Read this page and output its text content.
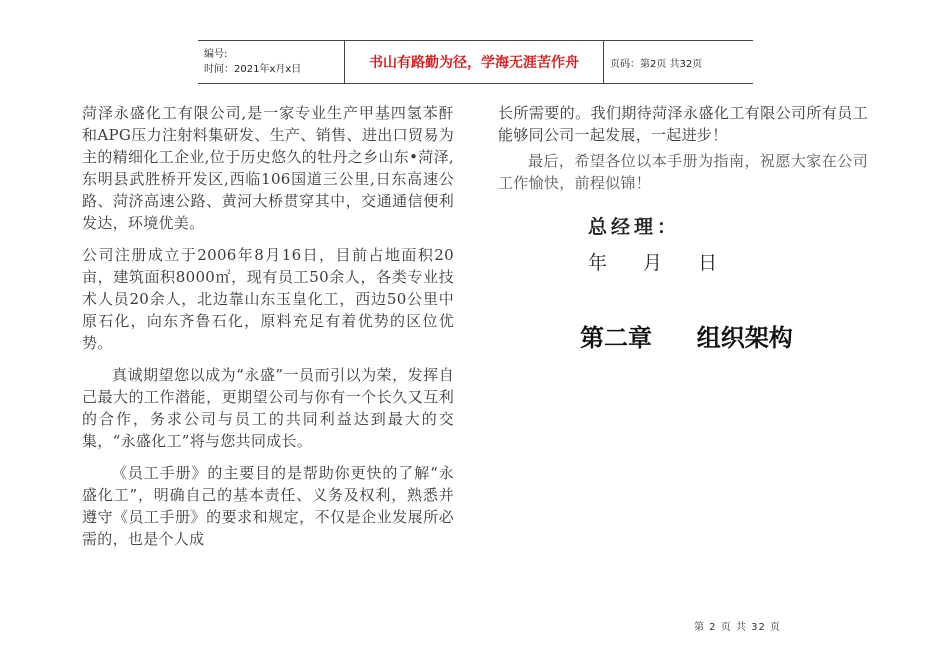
编号:
时间：2021年x月x日	书山有路勤为径，学海无涯苦作舟	页码：第2页 共32页

菏泽永盛化工有限公司,是一家专业生产甲基四氢苯酐和APG压力注射料集研发、生产、销售、进出口贸易为主的精细化工企业,位于历史悠久的牡丹之乡山东•菏泽,东明县武胜桥开发区,西临106国道三公里,日东高速公路、菏济高速公路、黄河大桥贯穿其中，交通通信便利发达，环境优美。

公司注册成立于2006年8月16日，目前占地面积20亩，建筑面积8000㎡，现有员工50余人，各类专业技术人员20余人，北边靠山东玉皇化工，西边50公里中原石化，向东齐鲁石化，原料充足有着优势的区位优势。

真诚期望您以成为“永盛”一员而引以为荣，发挥自己最大的工作潜能，更期望公司与你有一个长久又互利的合作，务求公司与员工的共同利益达到最大的交集，“永盛化工”将与您共同成长。

《员工手册》的主要目的是帮助你更快的了解“永盛化工”，明确自己的基本责任、义务及权利，熟悉并遵守《员工手册》的要求和规定，不仅是企业发展所必需的，也是个人成

长所需要的。我们期待菏泽永盛化工有限公司所有员工能够同公司一起发展，一起进步！

最后，希望各位以本手册为指南，祝愿大家在公司工作愉快，前程似锦！

总经理：
年 月 日
第二章 组织架构
第 2 页 共 32 页
